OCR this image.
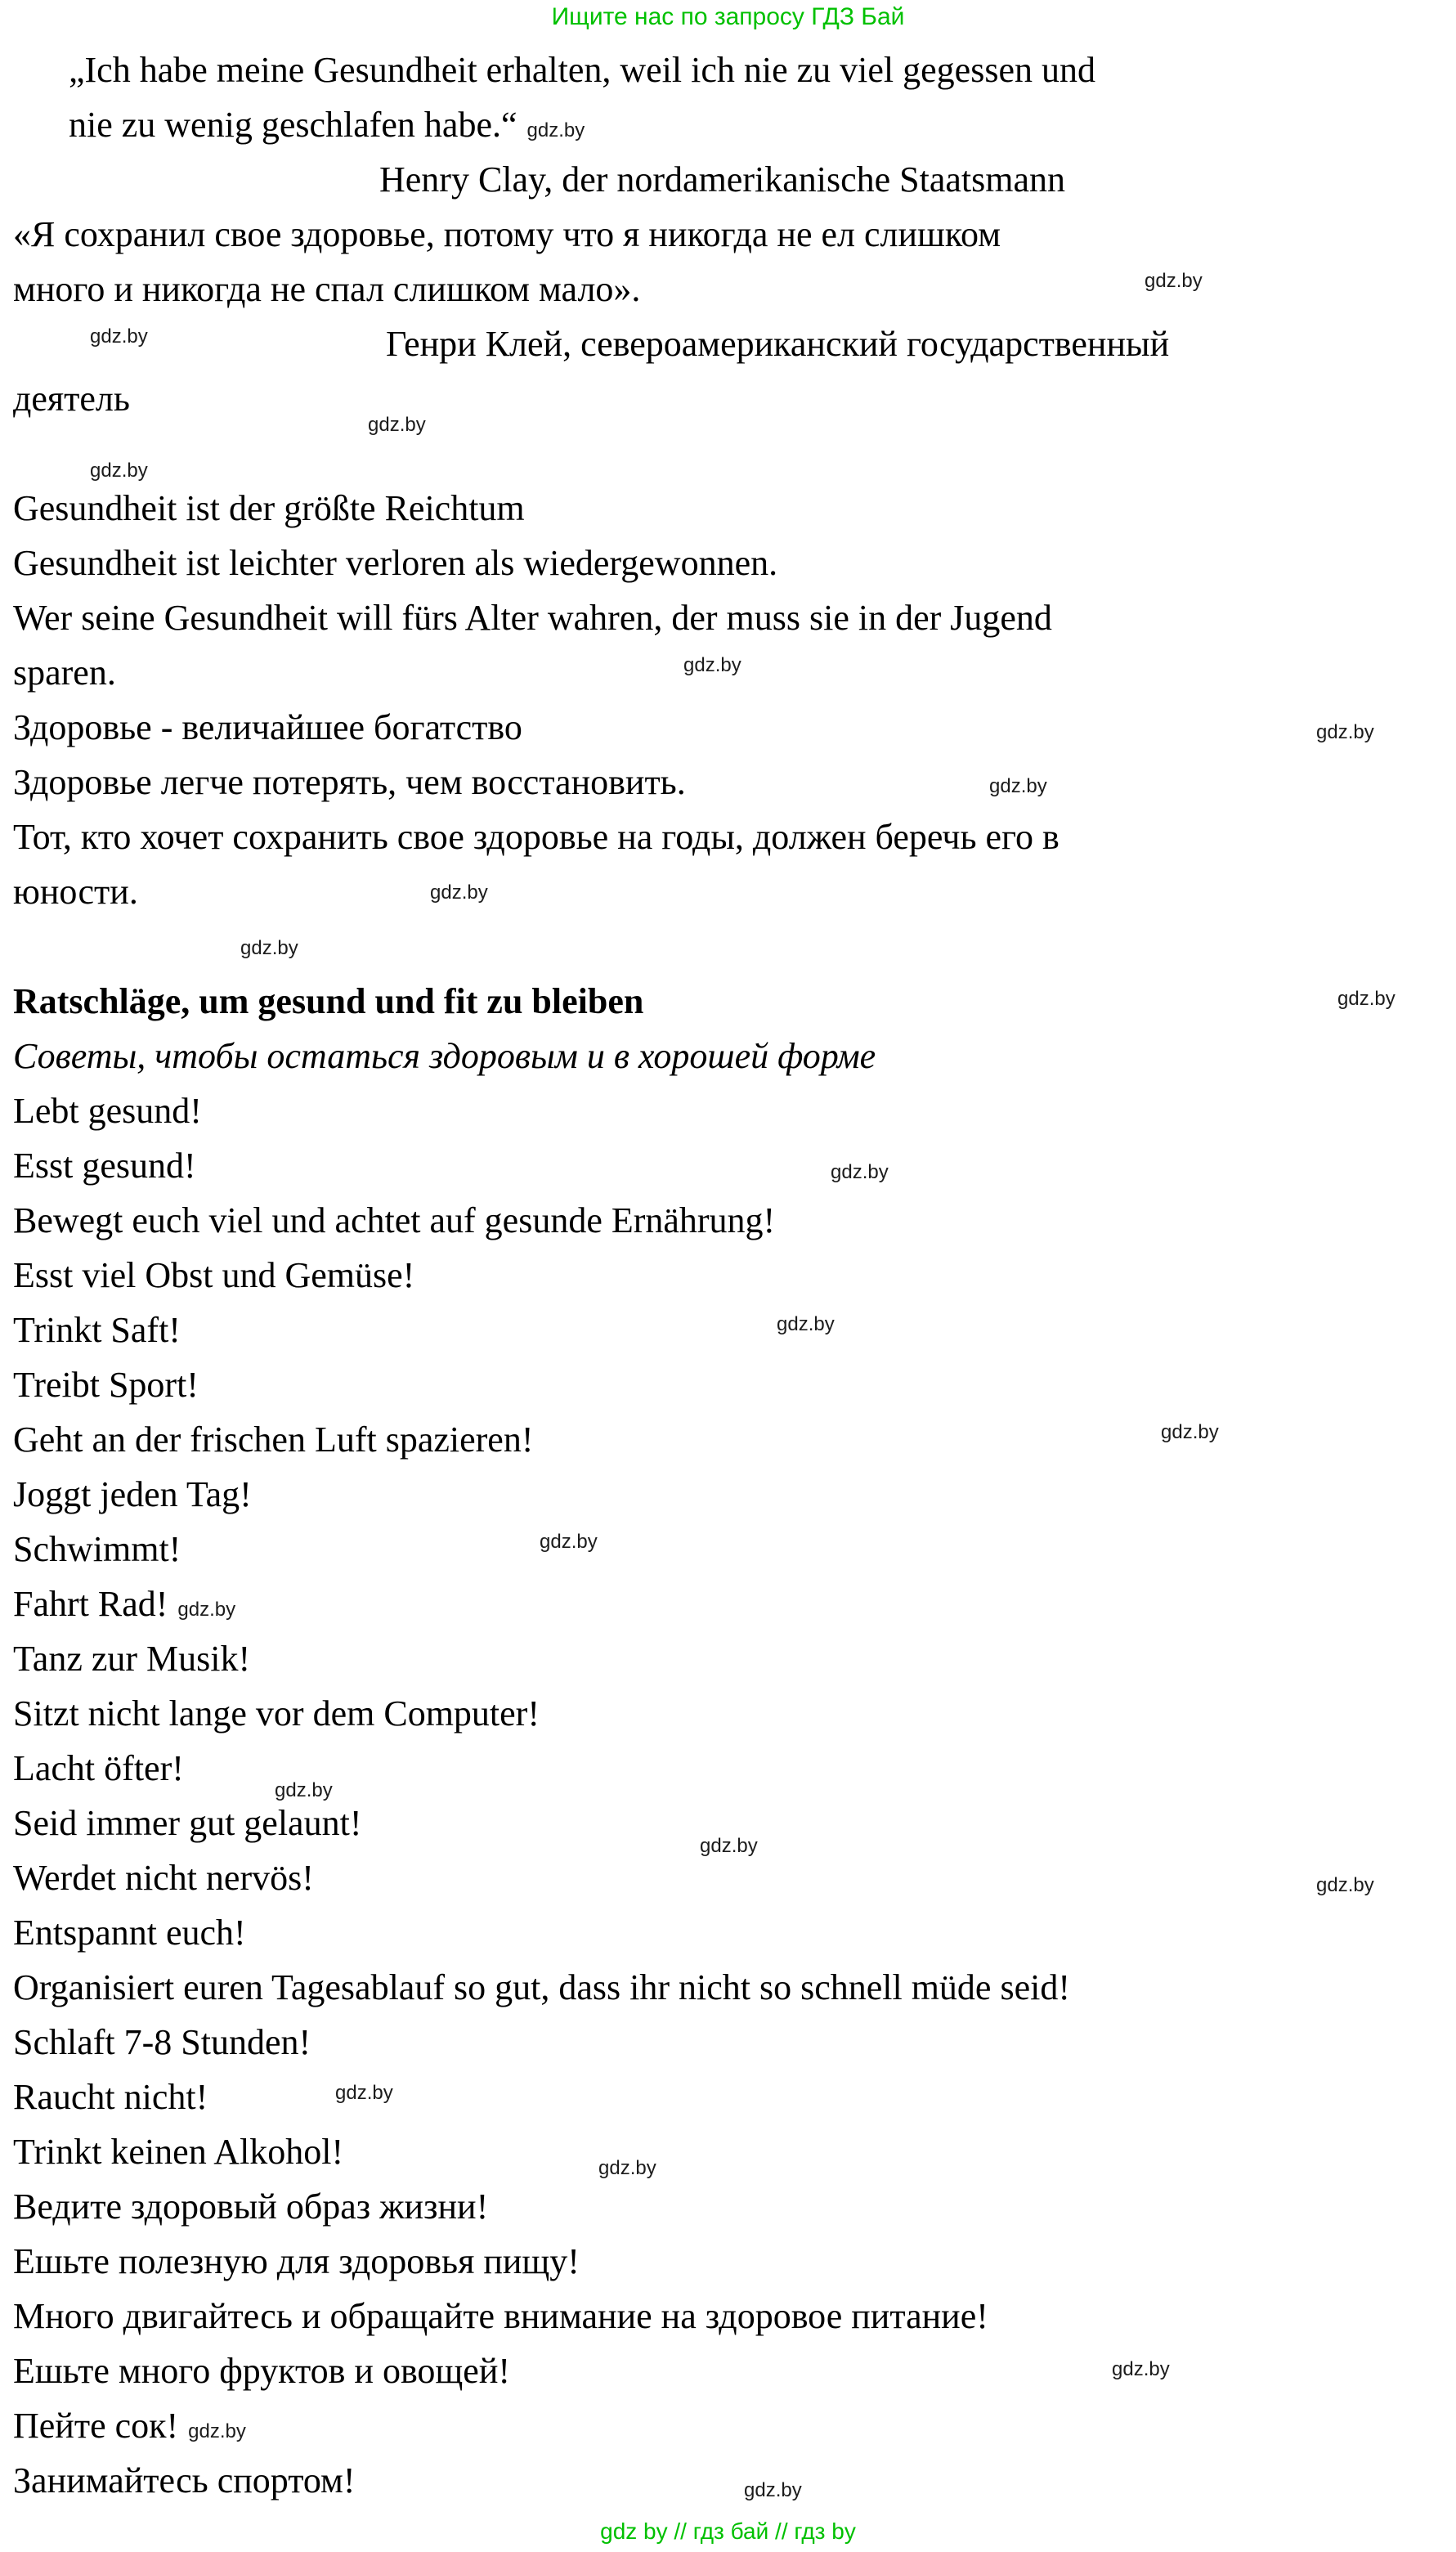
Ищите нас по запросу ГДЗ Бай
„Ich habe meine Gesundheit erhalten, weil ich nie zu viel gegessen und
nie zu wenig geschlafen habe.“ gdz.by
Henry Clay, der nordamerikanische Staatsmann
«Я сохранил свое здоровье, потому что я никогда не ел слишком
много и никогда не спал слишком мало».
Генри Клей, североамериканский государственный
деятель
Gesundheit ist der größte Reichtum
Gesundheit ist leichter verloren als wiedergewonnen.
Wer seine Gesundheit will fürs Alter wahren, der muss sie in der Jugend
sparen.
Здоровье - величайшее богатство
Здоровье легче потерять, чем восстановить.
Тот, кто хочет сохранить свое здоровье на годы, должен беречь его в
юности.
Ratschläge, um gesund und fit zu bleiben
Советы, чтобы остаться здоровым и в хорошей форме
Lebt gesund!
Esst gesund!
Bewegt euch viel und achtet auf gesunde Ernährung!
Esst viel Obst und Gemüse!
Trinkt Saft!
Treibt Sport!
Geht an der frischen Luft spazieren!
Joggt jeden Tag!
Schwimmt!
Fahrt Rad! gdz.by
Tanz zur Musik!
Sitzt nicht lange vor dem Computer!
Lacht öfter!
Seid immer gut gelaunt!
Werdet nicht nervös!
Entspannt euch!
Organisiert euren Tagesablauf so gut, dass ihr nicht so schnell müde seid!
Schlaft 7-8 Stunden!
Raucht nicht!
Trinkt keinen Alkohol!
Ведите здоровый образ жизни!
Ешьте полезную для здоровья пищу!
Много двигайтесь и обращайте внимание на здоровое питание!
Ешьте много фруктов и овощей!
Пейте сок! gdz.by
Занимайтесь спортом!
gdz.by
gdz.by
gdz.by
gdz.by
gdz.by
gdz.by
gdz.by
gdz.by
gdz.by
gdz.by
gdz.by
gdz.by
gdz.by
gdz.by
gdz.by
gdz.by
gdz.by
gdz.by
gdz.by
gdz.by
gdz.by
gdz by // гдз бай // гдз by
